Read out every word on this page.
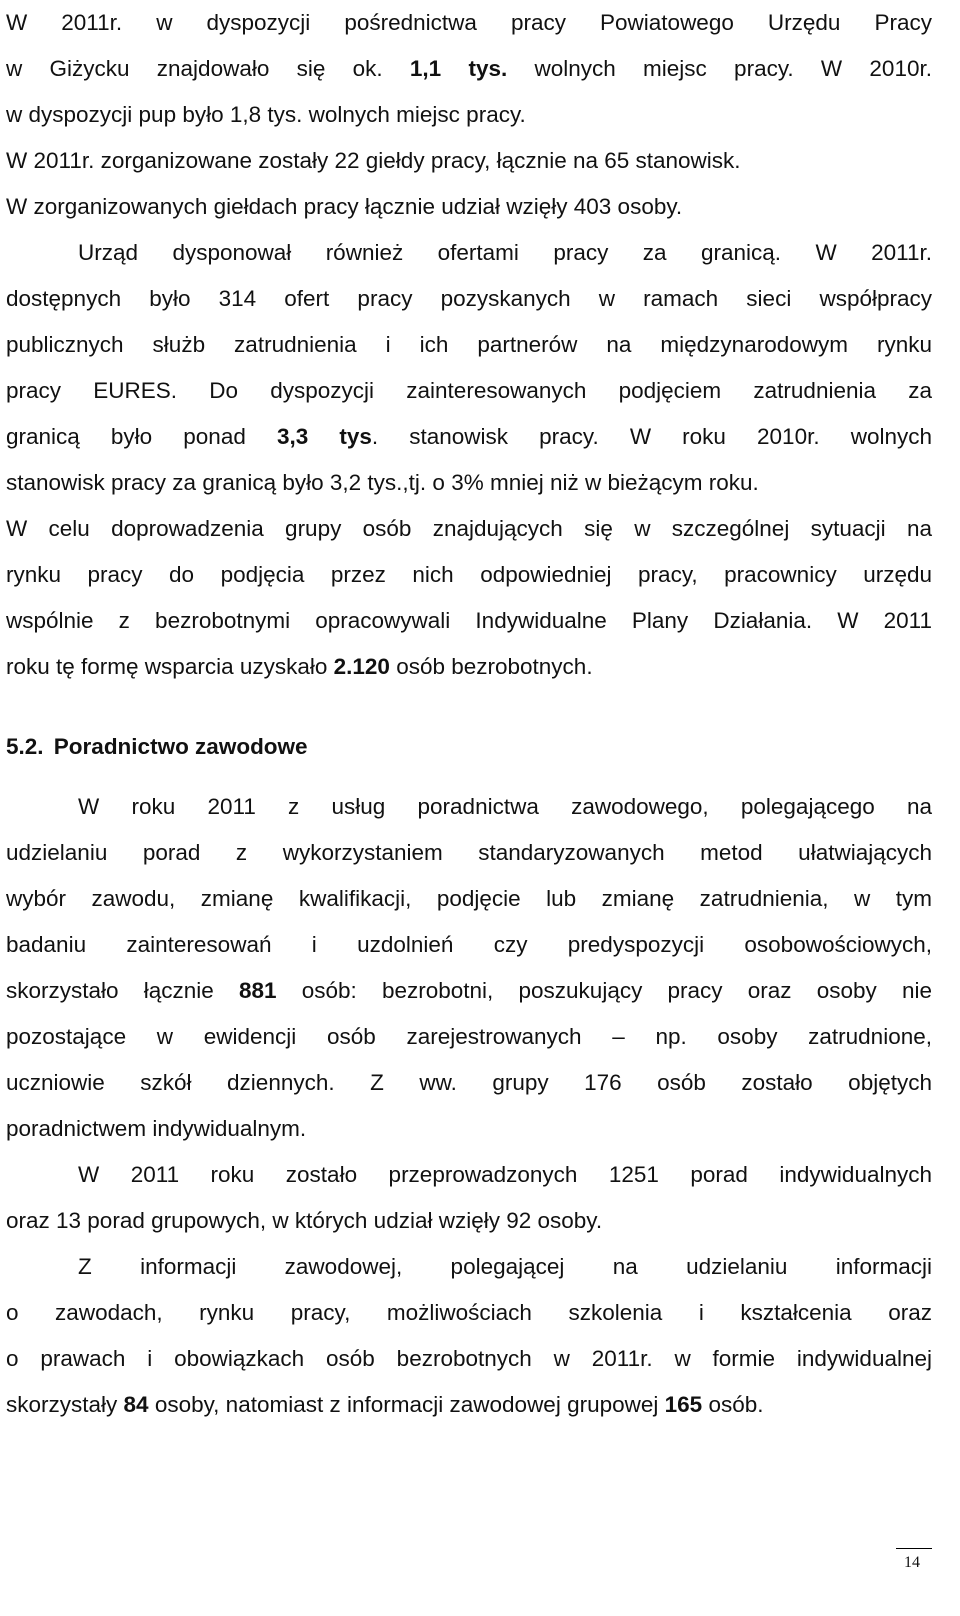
W 2011r. w dyspozycji pośrednictwa pracy Powiatowego Urzędu Pracy
w Giżycku znajdowało się ok. 1,1 tys. wolnych miejsc pracy. W 2010r.
w dyspozycji pup było 1,8 tys. wolnych miejsc pracy.
W 2011r. zorganizowane zostały 22 giełdy pracy, łącznie na 65 stanowisk.
W zorganizowanych giełdach pracy łącznie udział wzięły 403 osoby.
Urząd dysponował również ofertami pracy za granicą. W 2011r.
dostępnych było 314 ofert pracy pozyskanych w ramach sieci współpracy
publicznych służb zatrudnienia i ich partnerów na międzynarodowym rynku
pracy EURES. Do dyspozycji zainteresowanych podjęciem zatrudnienia za
granicą było ponad 3,3 tys. stanowisk pracy. W roku 2010r. wolnych
stanowisk pracy za granicą było 3,2 tys.,tj. o 3% mniej niż w bieżącym roku.
W celu doprowadzenia grupy osób znajdujących się w szczególnej sytuacji na
rynku pracy do podjęcia przez nich odpowiedniej pracy, pracownicy urzędu
wspólnie z bezrobotnymi opracowywali Indywidualne Plany Działania. W 2011
roku tę formę wsparcia uzyskało 2.120 osób bezrobotnych.
5.2. Poradnictwo zawodowe
W roku 2011 z usług poradnictwa zawodowego, polegającego na
udzielaniu porad z wykorzystaniem standaryzowanych metod ułatwiających
wybór zawodu, zmianę kwalifikacji, podjęcie lub zmianę zatrudnienia, w tym
badaniu zainteresowań i uzdolnień czy predyspozycji osobowościowych,
skorzystało łącznie 881 osób: bezrobotni, poszukujący pracy oraz osoby nie
pozostające w ewidencji osób zarejestrowanych – np. osoby zatrudnione,
uczniowie szkół dziennych. Z ww. grupy 176 osób zostało objętych
poradnictwem indywidualnym.
W 2011 roku zostało przeprowadzonych 1251 porad indywidualnych
oraz 13 porad grupowych, w których udział wzięły 92 osoby.
Z informacji zawodowej, polegającej na udzielaniu informacji
o zawodach, rynku pracy, możliwościach szkolenia i kształcenia oraz
o prawach i obowiązkach osób bezrobotnych w 2011r. w formie indywidualnej
skorzystały 84 osoby, natomiast z informacji zawodowej grupowej 165 osób.
14
